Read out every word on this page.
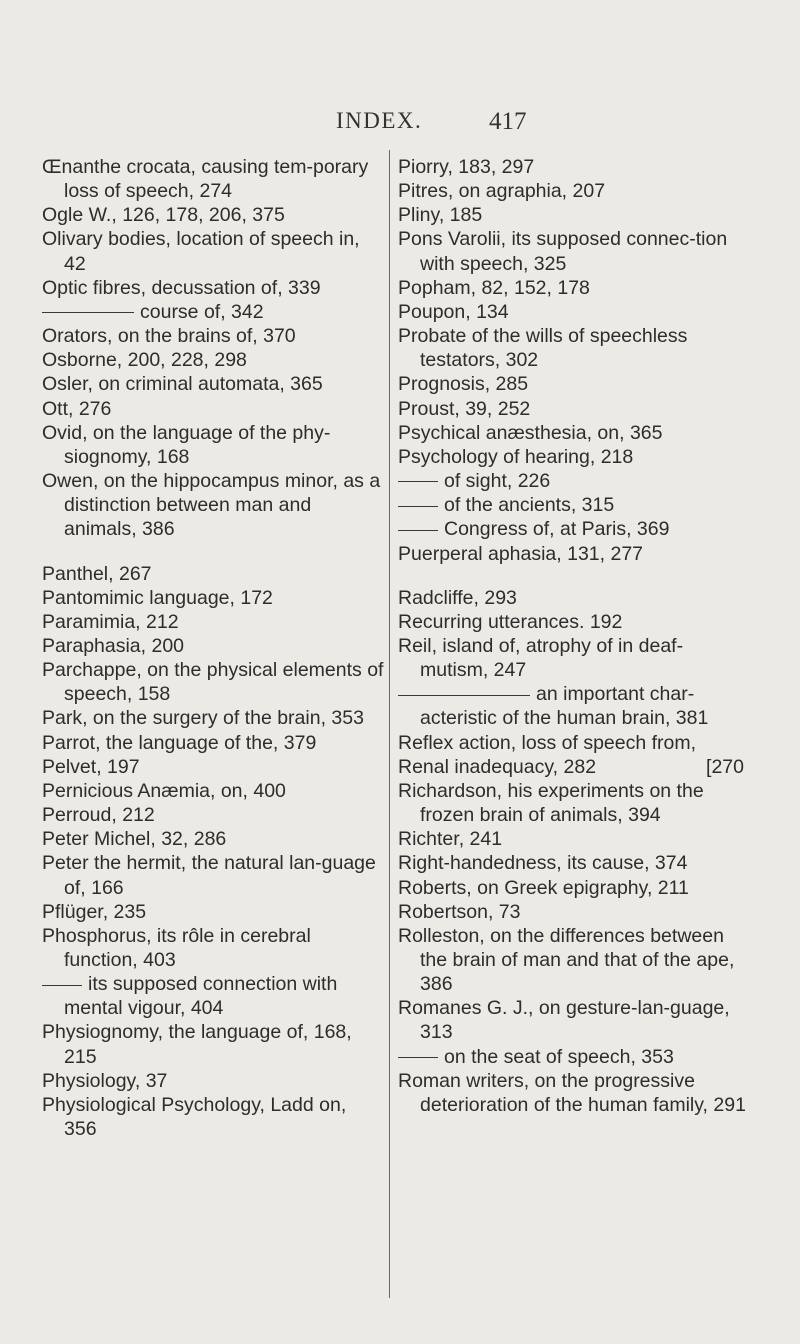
INDEX.	417
Œnanthe crocata, causing tem-porary loss of speech, 274
Ogle W., 126, 178, 206, 375
Olivary bodies, location of speech in, 42
Optic fibres, decussation of, 339
course of, 342
Orators, on the brains of, 370
Osborne, 200, 228, 298
Osler, on criminal automata, 365
Ott, 276
Ovid, on the language of the phy-siognomy, 168
Owen, on the hippocampus minor, as a distinction between man and animals, 386
Panthel, 267
Pantomimic language, 172
Paramimia, 212
Paraphasia, 200
Parchappe, on the physical elements of speech, 158
Park, on the surgery of the brain, 353
Parrot, the language of the, 379
Pelvet, 197
Pernicious Anæmia, on, 400
Perroud, 212
Peter Michel, 32, 286
Peter the hermit, the natural lan-guage of, 166
Pflüger, 235
Phosphorus, its rôle in cerebral function, 403
its supposed connection with mental vigour, 404
Physiognomy, the language of, 168, 215
Physiology, 37
Physiological Psychology, Ladd on, 356
Piorry, 183, 297
Pitres, on agraphia, 207
Pliny, 185
Pons Varolii, its supposed connec-tion with speech, 325
Popham, 82, 152, 178
Poupon, 134
Probate of the wills of speechless testators, 302
Prognosis, 285
Proust, 39, 252
Psychical anæsthesia, on, 365
Psychology of hearing, 218
of sight, 226
of the ancients, 315
Congress of, at Paris, 369
Puerperal aphasia, 131, 277
Radcliffe, 293
Recurring utterances. 192
Reil, island of, atrophy of in deaf-mutism, 247
an important char-acteristic of the human brain, 381
Reflex action, loss of speech from,
Renal inadequacy, 282	[270
Richardson, his experiments on the frozen brain of animals, 394
Richter, 241
Right-handedness, its cause, 374
Roberts, on Greek epigraphy, 211
Robertson, 73
Rolleston, on the differences between the brain of man and that of the ape, 386
Romanes G. J., on gesture-lan-guage, 313
on the seat of speech, 353
Roman writers, on the progressive deterioration of the human family, 291
